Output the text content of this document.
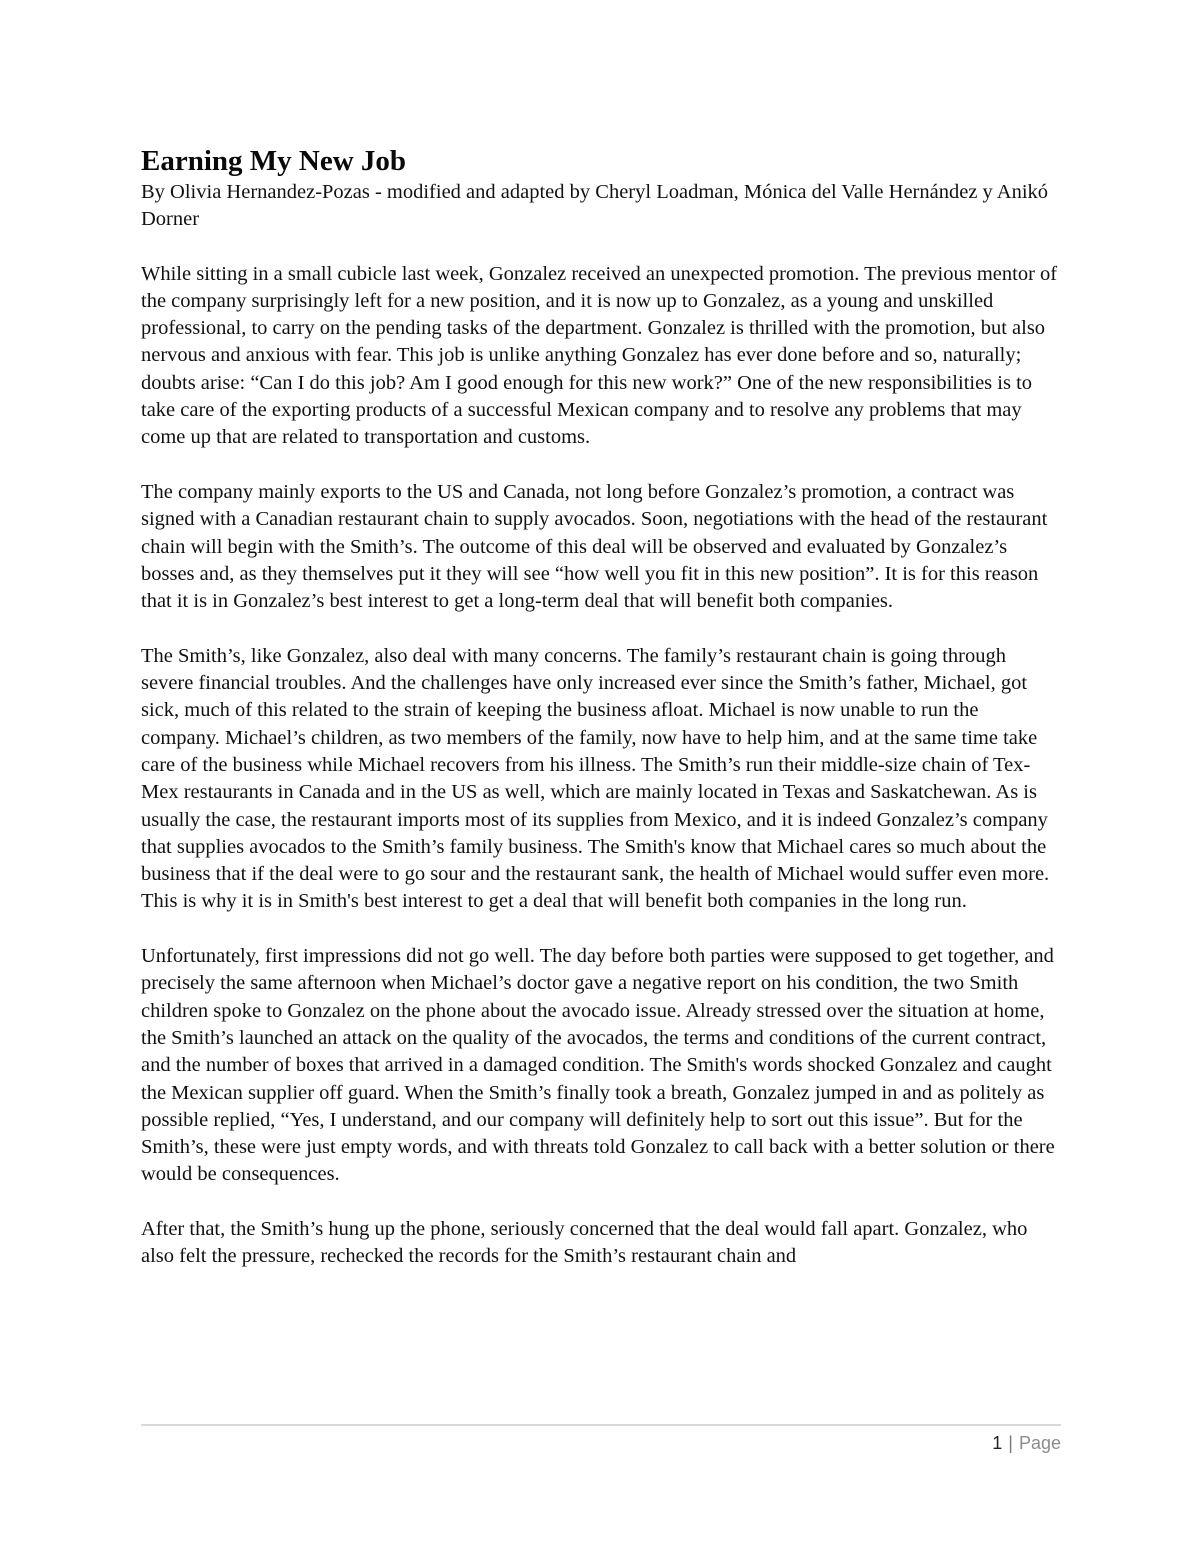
Earning My New Job

By Olivia Hernandez-Pozas - modified and adapted by Cheryl Loadman, Mónica del Valle Hernández y Anikó Dorner

While sitting in a small cubicle last week, Gonzalez received an unexpected promotion. The previous mentor of the company surprisingly left for a new position, and it is now up to Gonzalez, as a young and unskilled professional, to carry on the pending tasks of the department. Gonzalez is thrilled with the promotion, but also nervous and anxious with fear. This job is unlike anything Gonzalez has ever done before and so, naturally; doubts arise: “Can I do this job? Am I good enough for this new work?” One of the new responsibilities is to take care of the exporting products of a successful Mexican company and to resolve any problems that may come up that are related to transportation and customs.

The company mainly exports to the US and Canada, not long before Gonzalez’s promotion, a contract was signed with a Canadian restaurant chain to supply avocados. Soon, negotiations with the head of the restaurant chain will begin with the Smith’s. The outcome of this deal will be observed and evaluated by Gonzalez’s bosses and, as they themselves put it they will see “how well you fit in this new position”. It is for this reason that it is in Gonzalez’s best interest to get a long-term deal that will benefit both companies.

The Smith’s, like Gonzalez, also deal with many concerns. The family’s restaurant chain is going through severe financial troubles. And the challenges have only increased ever since the Smith’s father, Michael, got sick, much of this related to the strain of keeping the business afloat. Michael is now unable to run the company. Michael’s children, as two members of the family, now have to help him, and at the same time take care of the business while Michael recovers from his illness. The Smith’s run their middle-size chain of Tex-Mex restaurants in Canada and in the US as well, which are mainly located in Texas and Saskatchewan. As is usually the case, the restaurant imports most of its supplies from Mexico, and it is indeed Gonzalez’s company that supplies avocados to the Smith’s family business. The Smith's know that Michael cares so much about the business that if the deal were to go sour and the restaurant sank, the health of Michael would suffer even more. This is why it is in Smith's best interest to get a deal that will benefit both companies in the long run.

Unfortunately, first impressions did not go well. The day before both parties were supposed to get together, and precisely the same afternoon when Michael’s doctor gave a negative report on his condition, the two Smith children spoke to Gonzalez on the phone about the avocado issue. Already stressed over the situation at home, the Smith’s launched an attack on the quality of the avocados, the terms and conditions of the current contract, and the number of boxes that arrived in a damaged condition. The Smith's words shocked Gonzalez and caught the Mexican supplier off guard. When the Smith’s finally took a breath, Gonzalez jumped in and as politely as possible replied, “Yes, I understand, and our company will definitely help to sort out this issue”. But for the Smith’s, these were just empty words, and with threats told Gonzalez to call back with a better solution or there would be consequences.

After that, the Smith’s hung up the phone, seriously concerned that the deal would fall apart. Gonzalez, who also felt the pressure, rechecked the records for the Smith’s restaurant chain and

1 | Page
